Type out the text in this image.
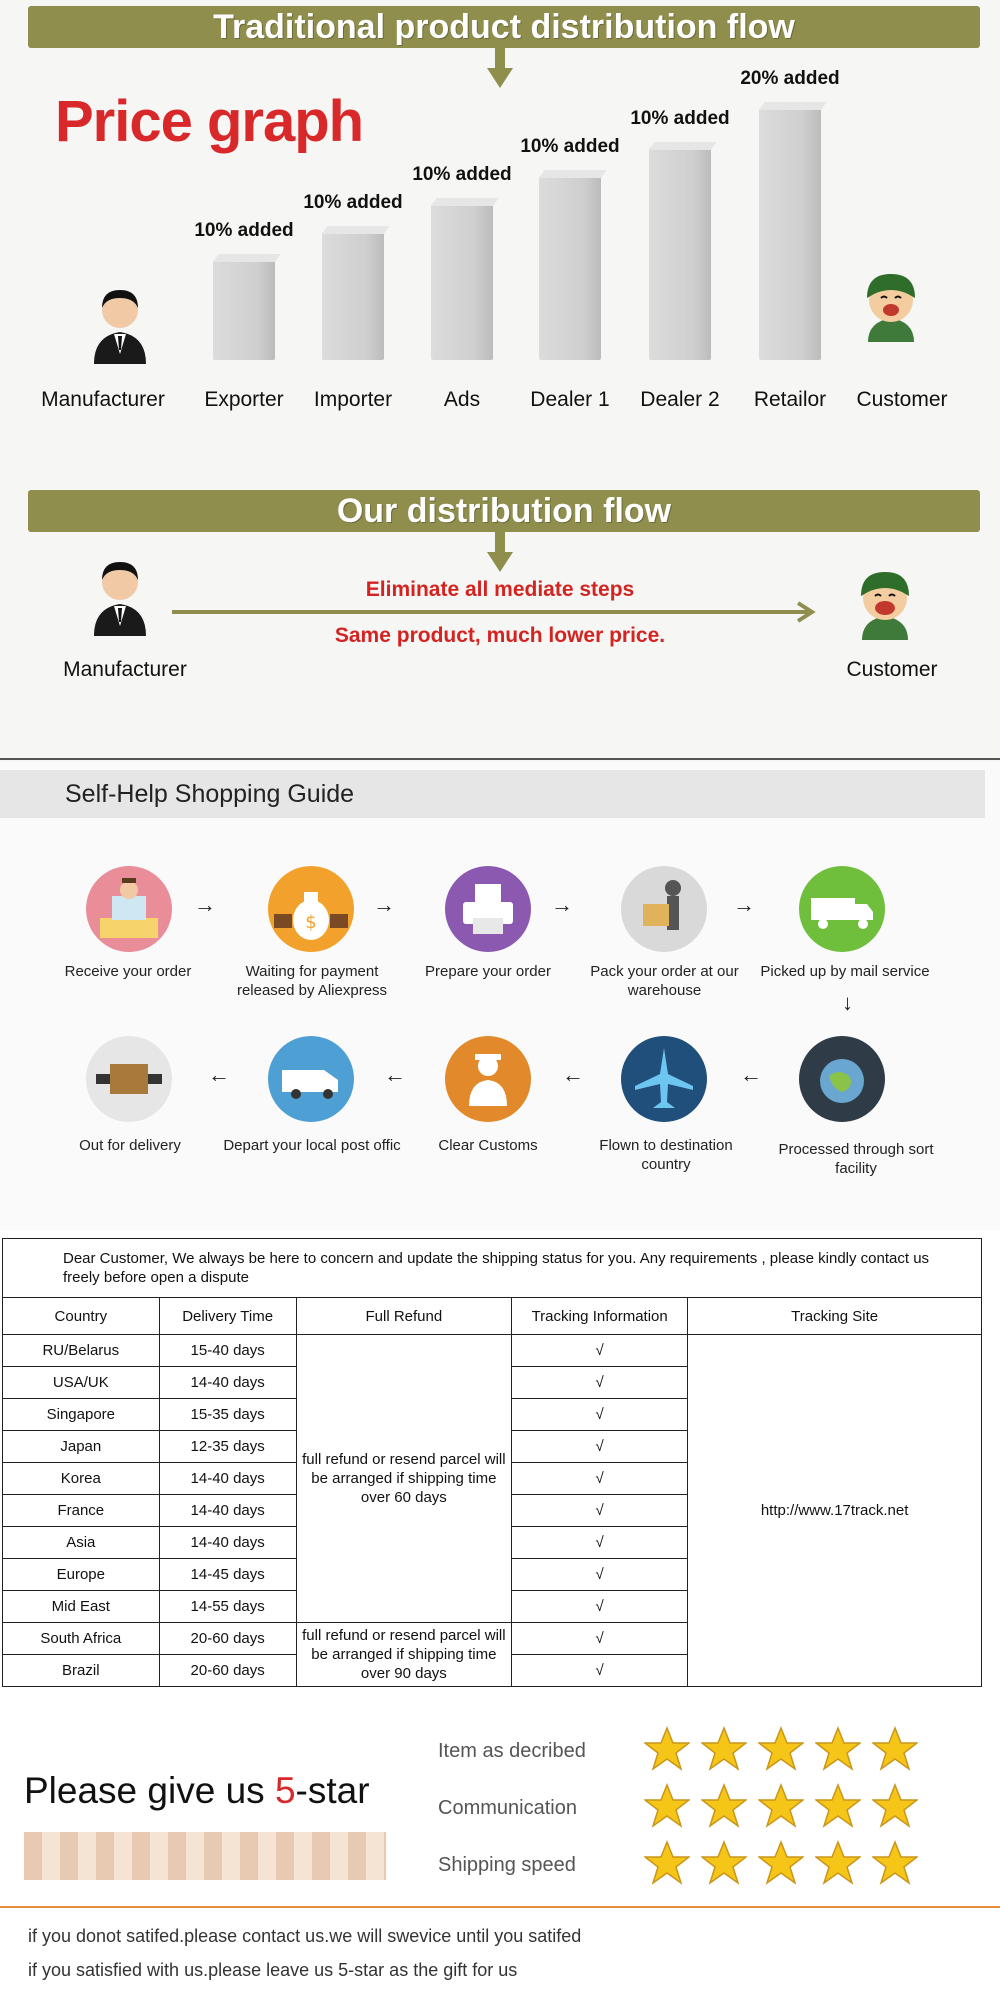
Traditional product distribution flow
Price graph
10% added
Exporter
10% added
Importer
10% added
Ads
10% added
Dealer 1
10% added
Dealer 2
20% added
Retailor
Manufacturer	Customer
Our distribution flow
Manufacturer
Eliminate all mediate steps
Same product, much lower price.
Customer
Self-Help Shopping Guide
$
→	→	→	→
↓
Receive your order	Waiting for payment released by Aliexpress
Prepare your order	Pack your order at our warehouse
Picked up by mail service
←	←	←	←
Out for delivery	Depart your local post offic	Clear Customs	Flown to destination country
Processed through sort facility
Dear Customer, We always be here to concern and update the shipping status for you. Any requirements , please kindly contact us freely before open a dispute				

Country	Delivery Time	Full Refund	Tracking Information	Tracking Site
RU/Belarus	15-40 days	full refund or resend parcel will be arranged if shipping time over 60 days	√	http://www.17track.net
USA/UK	14-40 days		√	
Singapore	15-35 days		√	
Japan	12-35 days		√	
Korea	14-40 days		√	
France	14-40 days		√	
Asia	14-40 days		√	
Europe	14-45 days		√	
Mid East	14-55 days		√	
South Africa	20-60 days	full refund or resend parcel will be arranged if shipping time over 90 days	√	
Brazil	20-60 days		√	
Please give us 5-star
Item as decribed
Communication
Shipping speed
if you donot satifed.please contact us.we will swevice until you satifed
if you satisfied with us.please leave us 5-star as the gift for us
